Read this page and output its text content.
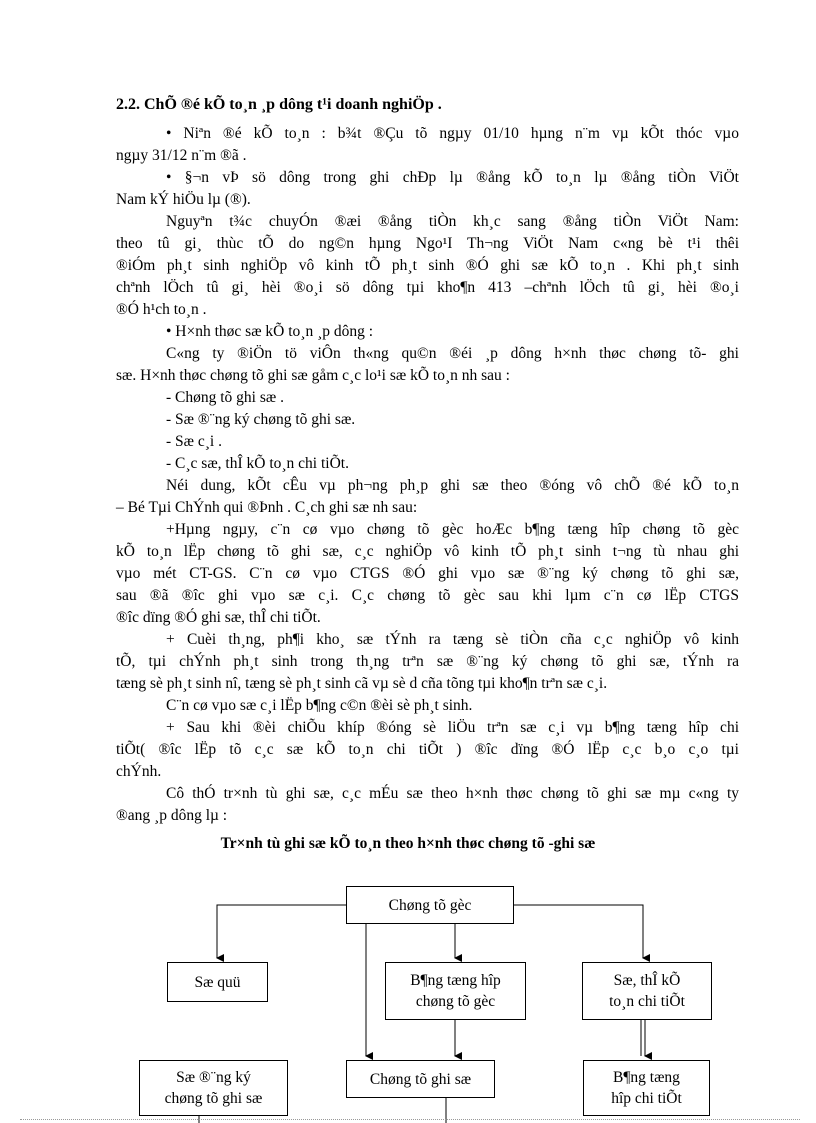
2.2. ChÕ ®é kÕ to¸n ¸p dông t¹i doanh nghiÖp .
• Niªn ®é kÕ to¸n : b¾t ®Çu tõ ngµy 01/10 hµng n¨m vµ kÕt thóc vµo
ngµy 31/12 n¨m ®ã .
• §¬n vÞ sö dông trong ghi chÐp lµ ®ång kÕ to¸n lµ ®ång tiÒn ViÖt
Nam kÝ hiÖu lµ (®).
Nguyªn t¾c chuyÓn ®æi ®ång tiÒn kh¸c sang ®ång tiÒn ViÖt Nam:
theo tû gi¸ thùc tÕ do ng©n hµng Ngo¹I Th¬ng ViÖt Nam c«ng bè t¹i thêi
®iÓm ph¸t sinh nghiÖp vô kinh tÕ ph¸t sinh ®Ó ghi sæ kÕ to¸n . Khi ph¸t sinh
chªnh lÖch tû gi¸ hèi ®o¸i sö dông tµi kho¶n 413 –chªnh lÖch tû gi¸ hèi ®o¸i
®Ó h¹ch to¸n .
• H×nh thøc sæ kÕ to¸n ¸p dông :
C«ng ty ®iÖn tö viÔn th«ng qu©n ®éi ¸p dông h×nh thøc chøng tõ- ghi
sæ. H×nh thøc chøng tõ ghi sæ gåm c¸c lo¹i sæ kÕ to¸n nh sau :
- Chøng tõ ghi sæ .
- Sæ ®¨ng ký chøng tõ ghi sæ.
- Sæ c¸i .
- C¸c sæ, thÎ kÕ to¸n chi tiÕt.
Néi dung, kÕt cÊu vµ ph¬ng ph¸p ghi sæ theo ®óng vô chÕ ®é kÕ to¸n
– Bé Tµi ChÝnh qui ®Þnh . C¸ch ghi sæ nh sau:
+Hµng ngµy, c¨n cø vµo chøng tõ gèc hoÆc b¶ng tæng hîp chøng tõ gèc
kÕ to¸n lËp chøng tõ ghi sæ, c¸c nghiÖp vô kinh tÕ ph¸t sinh t¬ng tù nhau ghi
vµo mét CT-GS. C¨n cø vµo CTGS ®Ó ghi vµo sæ ®¨ng ký chøng tõ ghi sæ,
sau ®ã ®îc ghi vµo sæ c¸i. C¸c chøng tõ gèc sau khi lµm c¨n cø lËp CTGS
®îc dïng ®Ó ghi sæ, thÎ chi tiÕt.
+ Cuèi th¸ng, ph¶i kho¸ sæ tÝnh ra tæng sè tiÒn cña c¸c nghiÖp vô kinh
tÕ, tµi chÝnh ph¸t sinh trong th¸ng trªn sæ ®¨ng ký chøng tõ ghi sæ, tÝnh ra
tæng sè ph¸t sinh nî, tæng sè ph¸t sinh cã vµ sè d cña tõng tµi kho¶n trªn sæ c¸i.
C¨n cø vµo sæ c¸i lËp b¶ng c©n ®èi sè ph¸t sinh.
+ Sau khi ®èi chiÕu khíp ®óng sè liÖu trªn sæ c¸i vµ b¶ng tæng hîp chi
tiÕt( ®îc lËp tõ c¸c sæ kÕ to¸n chi tiÕt ) ®îc dïng ®Ó lËp c¸c b¸o c¸o tµi
chÝnh.
Cô thÓ tr×nh tù ghi sæ, c¸c mÉu sæ theo h×nh thøc chøng tõ ghi sæ mµ c«ng ty
®ang ¸p dông lµ :
Tr×nh tù ghi sæ kÕ to¸n theo h×nh thøc chøng tõ -ghi sæ
Chøng tõ gèc
Sæ quü	B¶ng tæng hîp
chøng tõ gèc
Sæ, thÎ kÕ
to¸n chi tiÕt
Sæ ®¨ng ký
chøng tõ ghi sæ
Chøng tõ ghi sæ	B¶ng tæng
hîp chi tiÕt
